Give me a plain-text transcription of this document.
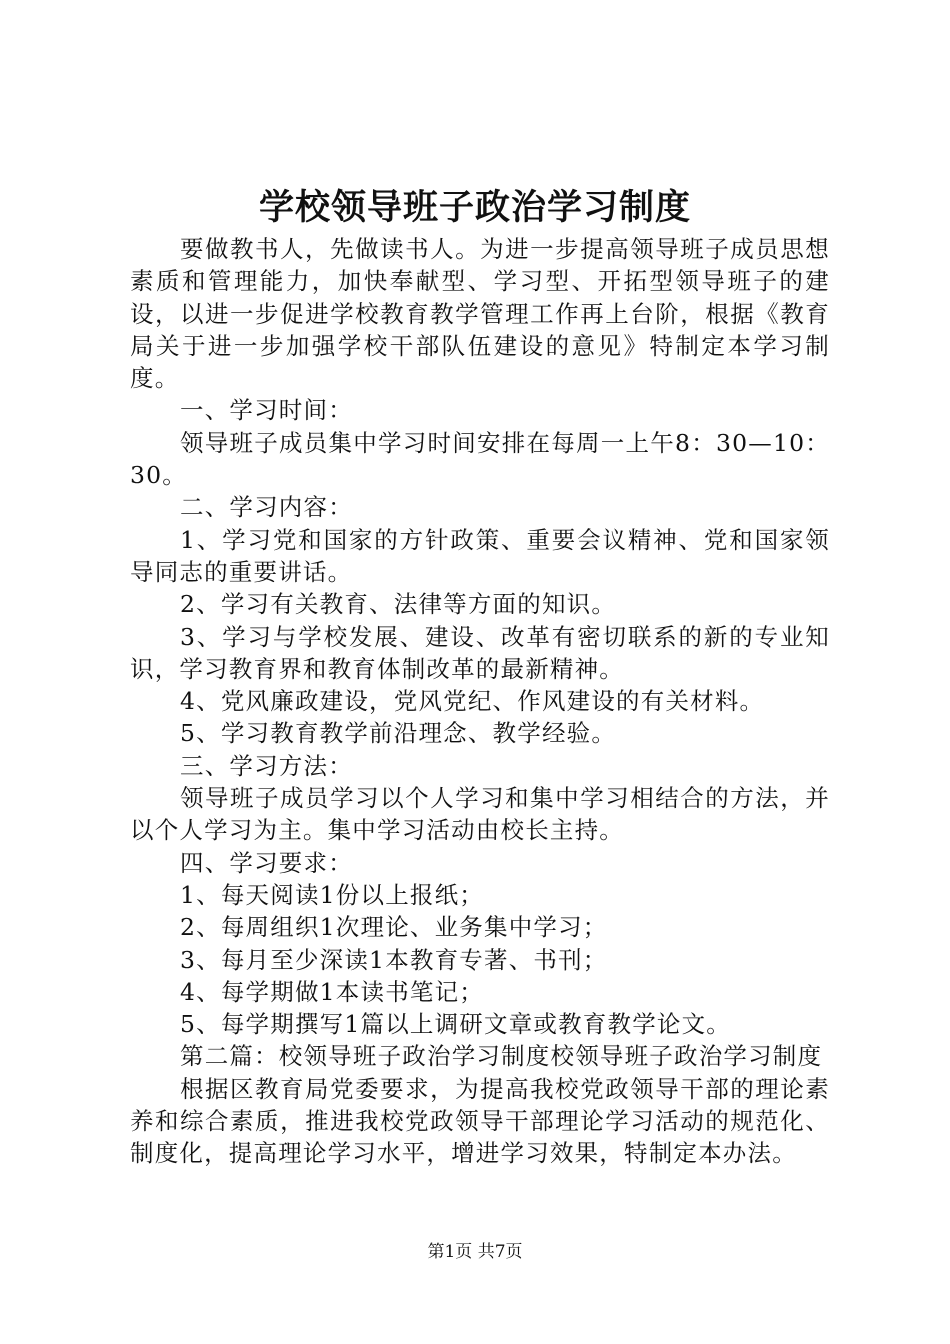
学校领导班子政治学习制度

要做教书人，先做读书人。为进一步提高领导班子成员思想素质和管理能力，加快奉献型、学习型、开拓型领导班子的建设，以进一步促进学校教育教学管理工作再上台阶，根据《教育局关于进一步加强学校干部队伍建设的意见》特制定本学习制度。

一、学习时间：

领导班子成员集中学习时间安排在每周一上午8：30—10：30。

二、学习内容：

1、学习党和国家的方针政策、重要会议精神、党和国家领导同志的重要讲话。

2、学习有关教育、法律等方面的知识。

3、学习与学校发展、建设、改革有密切联系的新的专业知识，学习教育界和教育体制改革的最新精神。

4、党风廉政建设，党风党纪、作风建设的有关材料。

5、学习教育教学前沿理念、教学经验。

三、学习方法：

领导班子成员学习以个人学习和集中学习相结合的方法，并以个人学习为主。集中学习活动由校长主持。

四、学习要求：

1、每天阅读1份以上报纸；

2、每周组织1次理论、业务集中学习；

3、每月至少深读1本教育专著、书刊；

4、每学期做1本读书笔记；

5、每学期撰写1篇以上调研文章或教育教学论文。

第二篇：校领导班子政治学习制度校领导班子政治学习制度

根据区教育局党委要求，为提高我校党政领导干部的理论素养和综合素质，推进我校党政领导干部理论学习活动的规范化、制度化，提高理论学习水平，增进学习效果，特制定本办法。

第1页 共7页
